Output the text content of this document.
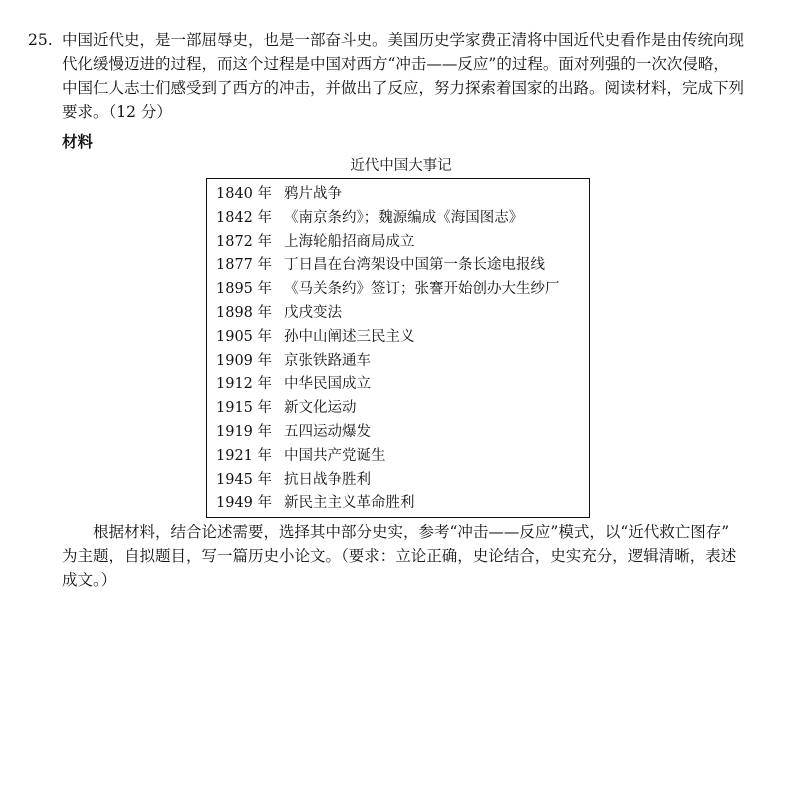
25. 中国近代史，是一部屈辱史，也是一部奋斗史。美国历史学家费正清将中国近代史看作是由传统向现
代化缓慢迈进的过程，而这个过程是中国对西方“冲击——反应”的过程。面对列强的一次次侵略，
中国仁人志士们感受到了西方的冲击，并做出了反应，努力探索着国家的出路。阅读材料，完成下列
要求。（12 分）
材料
近代中国大事记
1840 年 鸦片战争
1842 年 《南京条约》；魏源编成《海国图志》
1872 年 上海轮船招商局成立
1877 年 丁日昌在台湾架设中国第一条长途电报线
1895 年 《马关条约》签订；张謇开始创办大生纱厂
1898 年 戊戌变法
1905 年 孙中山阐述三民主义
1909 年 京张铁路通车
1912 年 中华民国成立
1915 年 新文化运动
1919 年 五四运动爆发
1921 年 中国共产党诞生
1945 年 抗日战争胜利
1949 年 新民主主义革命胜利
根据材料，结合论述需要，选择其中部分史实，参考“冲击——反应”模式，以“近代救亡图存”
为主题，自拟题目，写一篇历史小论文。（要求：立论正确，史论结合，史实充分，逻辑清晰，表述
成文。）
